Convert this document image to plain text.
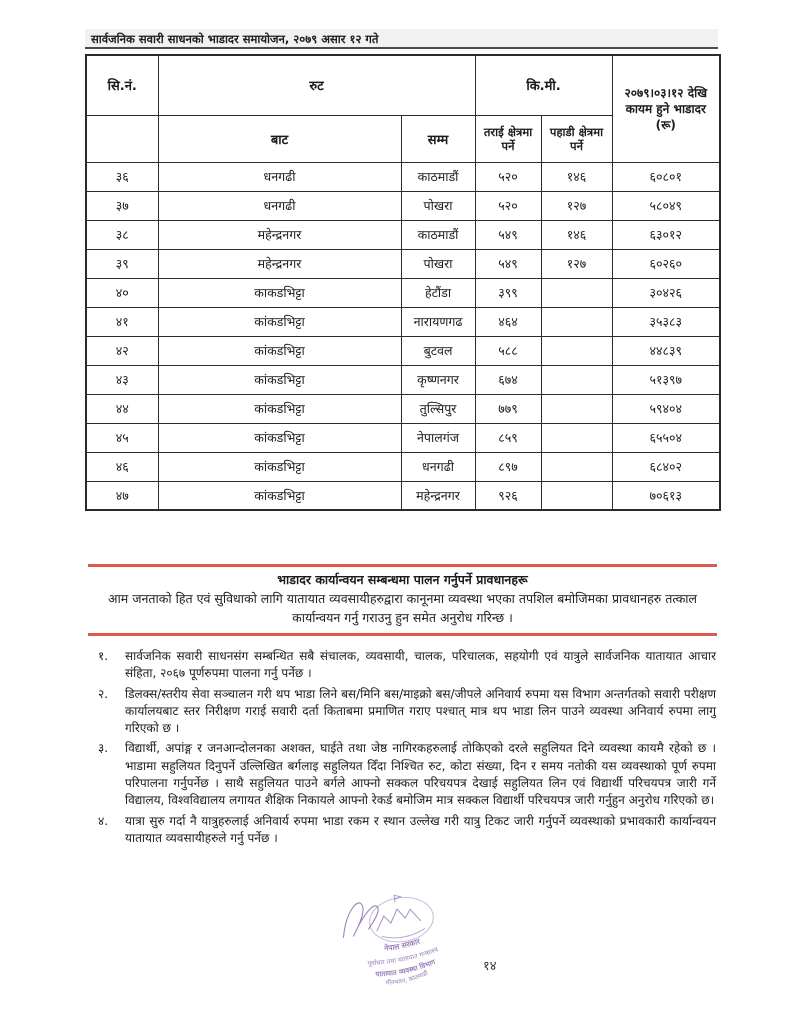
सार्वजनिक सवारी साधनको भाडादर समायोजन, २०७९ असार १२ गते
सि.नं.	रुट		कि.मी.		२०७९।०३।१२ देखि कायम हुने भाडादर (रू)
	बाट	सम्म	तराई क्षेत्रमा पर्ने	पहाडी क्षेत्रमा पर्ने	
३६	धनगढी	काठमाडौं	५२०	१४६	६०८०१
३७	धनगढी	पोखरा	५२०	१२७	५८०४९
३८	महेन्द्रनगर	काठमाडौं	५४९	१४६	६३०१२
३९	महेन्द्रनगर	पोखरा	५४९	१२७	६०२६०
४०	काकडभिट्टा	हेटौंडा	३९९		३०४२६
४१	कांकडभिट्टा	नारायणगढ	४६४		३५३८३
४२	कांकडभिट्टा	बुटवल	५८८		४४८३९
४३	कांकडभिट्टा	कृष्णनगर	६७४		५१३९७
४४	कांकडभिट्टा	तुल्सिपुर	७७९		५९४०४
४५	कांकडभिट्टा	नेपालगंज	८५९		६५५०४
४६	कांकडभिट्टा	धनगढी	८९७		६८४०२
४७	कांकडभिट्टा	महेन्द्रनगर	९२६		७०६१३
भाडादर कार्यान्वयन सम्बन्धमा पालन गर्नुपर्ने प्रावधानहरू
आम जनताको हित एवं सुविधाको लागि यातायात व्यवसायीहरुद्वारा कानूनमा व्यवस्था भएका तपशिल बमोजिमका प्रावधानहरु तत्काल
कार्यान्वयन गर्नु गराउनु हुन समेत अनुरोध गरिन्छ ।
१.	सार्वजनिक सवारी साधनसंग सम्बन्धित सबै संचालक, व्यवसायी, चालक, परिचालक, सहयोगी एवं यात्रुले सार्वजनिक यातायात आचार संहिता, २०६७ पूर्णरुपमा पालना गर्नु पर्नेछ ।
२.	डिलक्स/स्तरीय सेवा सञ्चालन गरी थप भाडा लिने बस/मिनि बस/माइक्रो बस/जीपले अनिवार्य रुपमा यस विभाग अन्तर्गतको सवारी परीक्षण कार्यालयबाट स्तर निरीक्षण गराई सवारी दर्ता किताबमा प्रमाणित गराए पश्चात् मात्र थप भाडा लिन पाउने व्यवस्था अनिवार्य रुपमा लागु गरिएको छ ।
३.	विद्यार्थी, अपांङ्ग र जनआन्दोलनका अशक्त, घाईते तथा जेष्ठ नागिरकहरुलाई तोकिएको दरले सहुलियत दिने व्यवस्था कायमै रहेको छ । भाडामा सहुलियत दिनुपर्ने उल्लिखित बर्गलाइ सहुलियत दिँदा निश्चित रुट, कोटा संख्या, दिन र समय नतोकी यस व्यवस्थाको पूर्ण रुपमा परिपालना गर्नुपर्नेछ । साथै सहुलियत पाउने बर्गले आफ्नो सक्कल परिचयपत्र देखाई सहुलियत लिन एवं विद्यार्थी परिचयपत्र जारी गर्ने विद्यालय, विश्वविद्यालय लगायत शैक्षिक निकायले आफ्नो रेकर्ड बमोजिम मात्र सक्कल विद्यार्थी परिचयपत्र जारी गर्नुहुन अनुरोध गरिएको छ।
४.	यात्रा सुरु गर्दा नै यात्रुहरुलाई अनिवार्य रुपमा भाडा रकम र स्थान उल्लेख गरी यात्रु टिकट जारी गर्नुपर्ने व्यवस्थाको प्रभावकारी कार्यान्वयन यातायात व्यवसायीहरुले गर्नु पर्नेछ ।
नेपाल सरकार
पूर्वाधार तथा यातायात मन्त्रालय
यातायात व्यवस्था विभाग
मीनभवन, काठमाडौं
१४
